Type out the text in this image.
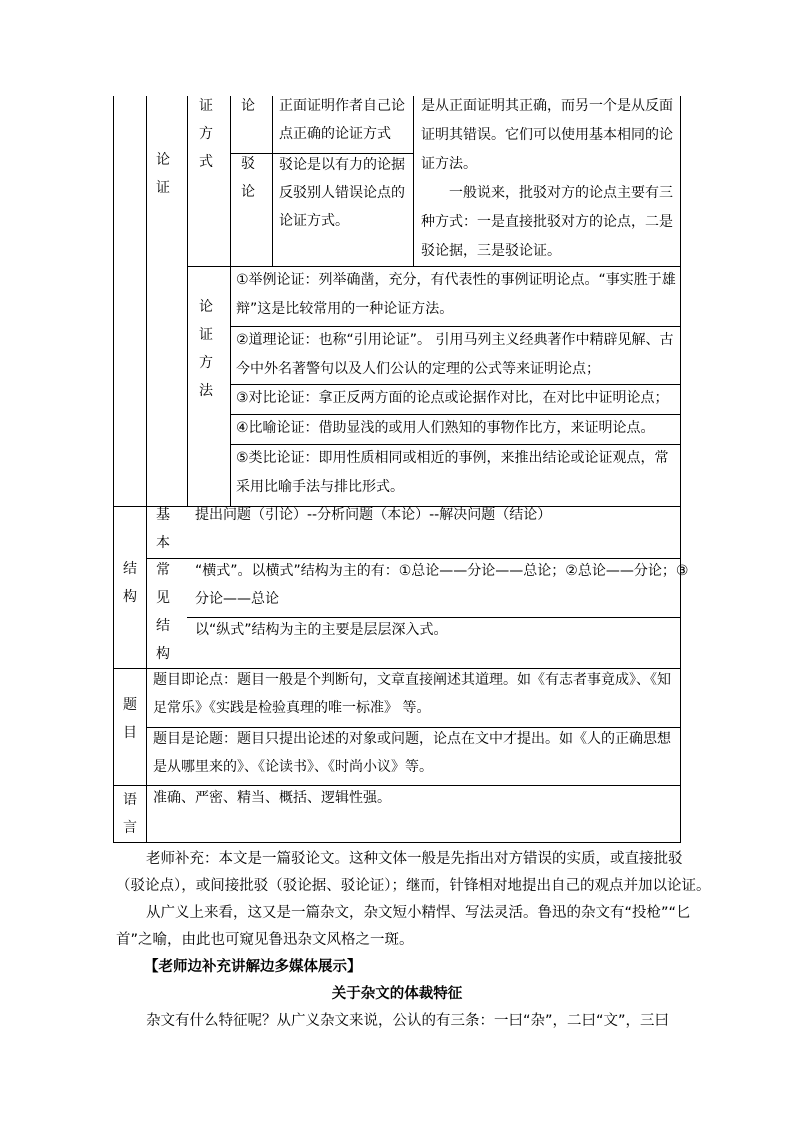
论证
证方式
论 正面证明作者自己论
点正确的论证方式
驳论
驳论是以有力的论据
反驳别人错误论点的
论证方式。
是从正面证明其正确，而另一个是从反面
证明其错误。它们可以使用基本相同的论
证方法。
一般说来，批驳对方的论点主要有三
种方式：一是直接批驳对方的论点，二是
驳论据，三是驳论证。
论证方法
①举例论证：列举确凿，充分，有代表性的事例证明论点。“事实胜于雄
辩”这是比较常用的一种论证方法。
②道理论证：也称“引用论证”。 引用马列主义经典著作中精辟见解、古
今中外名著警句以及人们公认的定理的公式等来证明论点；
③对比论证：拿正反两方面的论点或论据作对比，在对比中证明论点；
④比喻论证：借助显浅的或用人们熟知的事物作比方，来证明论点。
⑤类比论证：即用性质相同或相近的事例，来推出结论或论证观点，常
采用比喻手法与排比形式。
结构
基本
提出问题（引论）--分析问题（本论）--解决问题（结论）
常见结构
“横式”。以横式”结构为主的有：①总论——分论——总论；②总论——分论；③
分论——总论
以“纵式”结构为主的主要是层层深入式。
题目
题目即论点：题目一般是个判断句，文章直接阐述其道理。如《有志者事竟成》、《知
足常乐》《实践是检验真理的唯一标准》 等。
题目是论题：题目只提出论述的对象或问题，论点在文中才提出。如《人的正确思想
是从哪里来的》、《论读书》、《时尚小议》等。
语言
准确、严密、精当、概括、逻辑性强。
老师补充：本文是一篇驳论文。这种文体一般是先指出对方错误的实质，或直接批驳
（驳论点），或间接批驳（驳论据、驳论证）；继而，针锋相对地提出自己的观点并加以论证。
从广义上来看，这又是一篇杂文，杂文短小精悍、写法灵活。鲁迅的杂文有“投枪”“匕
首”之喻，由此也可窥见鲁迅杂文风格之一斑。
【老师边补充讲解边多媒体展示】
关于杂文的体裁特征
杂文有什么特征呢？从广义杂文来说，公认的有三条：一曰“杂”，二曰“文”，三曰
